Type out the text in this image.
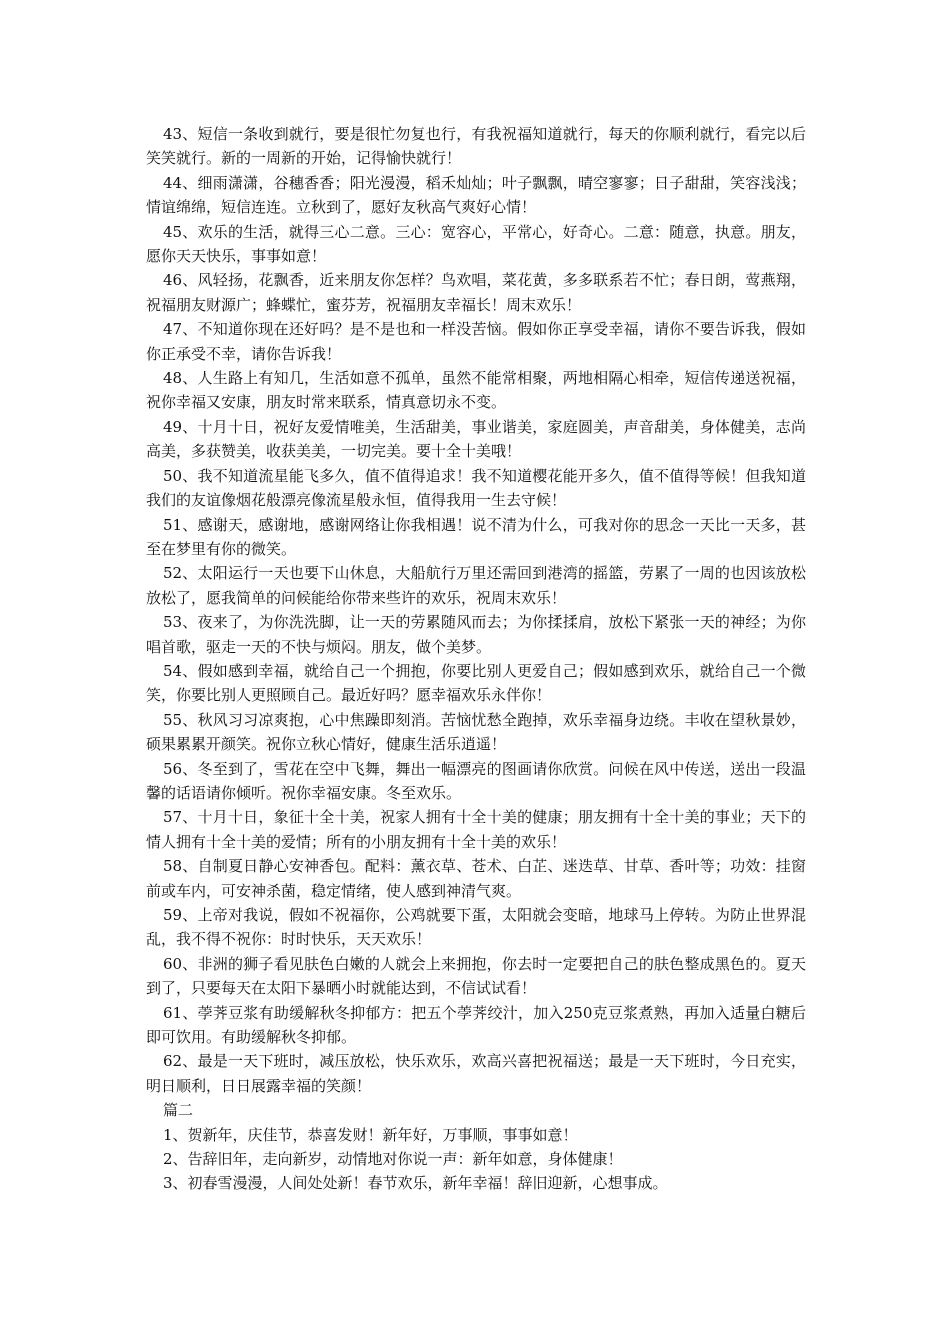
43、短信一条收到就行，要是很忙勿复也行，有我祝福知道就行，每天的你顺利就行，看完以后笑笑就行。新的一周新的开始，记得愉快就行！

44、细雨潇潇，谷穗香香；阳光漫漫，稻禾灿灿；叶子飘飘，晴空寥寥；日子甜甜，笑容浅浅；情谊绵绵，短信连连。立秋到了，愿好友秋高气爽好心情！

45、欢乐的生活，就得三心二意。三心：宽容心，平常心，好奇心。二意：随意，执意。朋友，愿你天天快乐，事事如意！

46、风轻扬，花飘香，近来朋友你怎样？鸟欢唱，菜花黄，多多联系若不忙；春日朗，莺燕翔，祝福朋友财源广；蜂蝶忙，蜜芬芳，祝福朋友幸福长！周末欢乐！

47、不知道你现在还好吗？是不是也和一样没苦恼。假如你正享受幸福，请你不要告诉我，假如你正承受不幸，请你告诉我！

48、人生路上有知几，生活如意不孤单，虽然不能常相聚，两地相隔心相牵，短信传递送祝福，祝你幸福又安康，朋友时常来联系，情真意切永不变。

49、十月十日，祝好友爱情唯美，生活甜美，事业谐美，家庭圆美，声音甜美，身体健美，志尚高美，多获赞美，收获美美，一切完美。要十全十美哦！

50、我不知道流星能飞多久，值不值得追求！我不知道樱花能开多久，值不值得等候！但我知道我们的友谊像烟花般漂亮像流星般永恒，值得我用一生去守候！

51、感谢天，感谢地，感谢网络让你我相遇！说不清为什么，可我对你的思念一天比一天多，甚至在梦里有你的微笑。

52、太阳运行一天也要下山休息，大船航行万里还需回到港湾的摇篮，劳累了一周的也因该放松放松了，愿我简单的问候能给你带来些许的欢乐，祝周末欢乐！

53、夜来了，为你洗洗脚，让一天的劳累随风而去；为你揉揉肩，放松下紧张一天的神经；为你唱首歌，驱走一天的不快与烦闷。朋友，做个美梦。

54、假如感到幸福，就给自己一个拥抱，你要比别人更爱自己；假如感到欢乐，就给自己一个微笑，你要比别人更照顾自己。最近好吗？愿幸福欢乐永伴你！

55、秋风习习凉爽抱，心中焦躁即刻消。苦恼忧愁全跑掉，欢乐幸福身边绕。丰收在望秋景妙，硕果累累开颜笑。祝你立秋心情好，健康生活乐逍遥！

56、冬至到了，雪花在空中飞舞，舞出一幅漂亮的图画请你欣赏。问候在风中传送，送出一段温馨的话语请你倾听。祝你幸福安康。冬至欢乐。

57、十月十日，象征十全十美，祝家人拥有十全十美的健康；朋友拥有十全十美的事业；天下的情人拥有十全十美的爱情；所有的小朋友拥有十全十美的欢乐！

58、自制夏日静心安神香包。配料：薰衣草、苍术、白芷、迷迭草、甘草、香叶等；功效：挂窗前或车内，可安神杀菌，稳定情绪，使人感到神清气爽。

59、上帝对我说，假如不祝福你，公鸡就要下蛋，太阳就会变暗，地球马上停转。为防止世界混乱，我不得不祝你：时时快乐，天天欢乐！

60、非洲的狮子看见肤色白嫩的人就会上来拥抱，你去时一定要把自己的肤色整成黑色的。夏天到了，只要每天在太阳下暴晒小时就能达到，不信试试看！

61、荸荠豆浆有助缓解秋冬抑郁方：把五个荸荠绞汁，加入250克豆浆煮熟，再加入适量白糖后即可饮用。有助缓解秋冬抑郁。

62、最是一天下班时，减压放松，快乐欢乐，欢高兴喜把祝福送；最是一天下班时，今日充实，明日顺利，日日展露幸福的笑颜！

篇二

1、贺新年，庆佳节，恭喜发财！新年好，万事顺，事事如意！

2、告辞旧年，走向新岁，动情地对你说一声：新年如意，身体健康！

3、初春雪漫漫，人间处处新！春节欢乐，新年幸福！辞旧迎新，心想事成。
